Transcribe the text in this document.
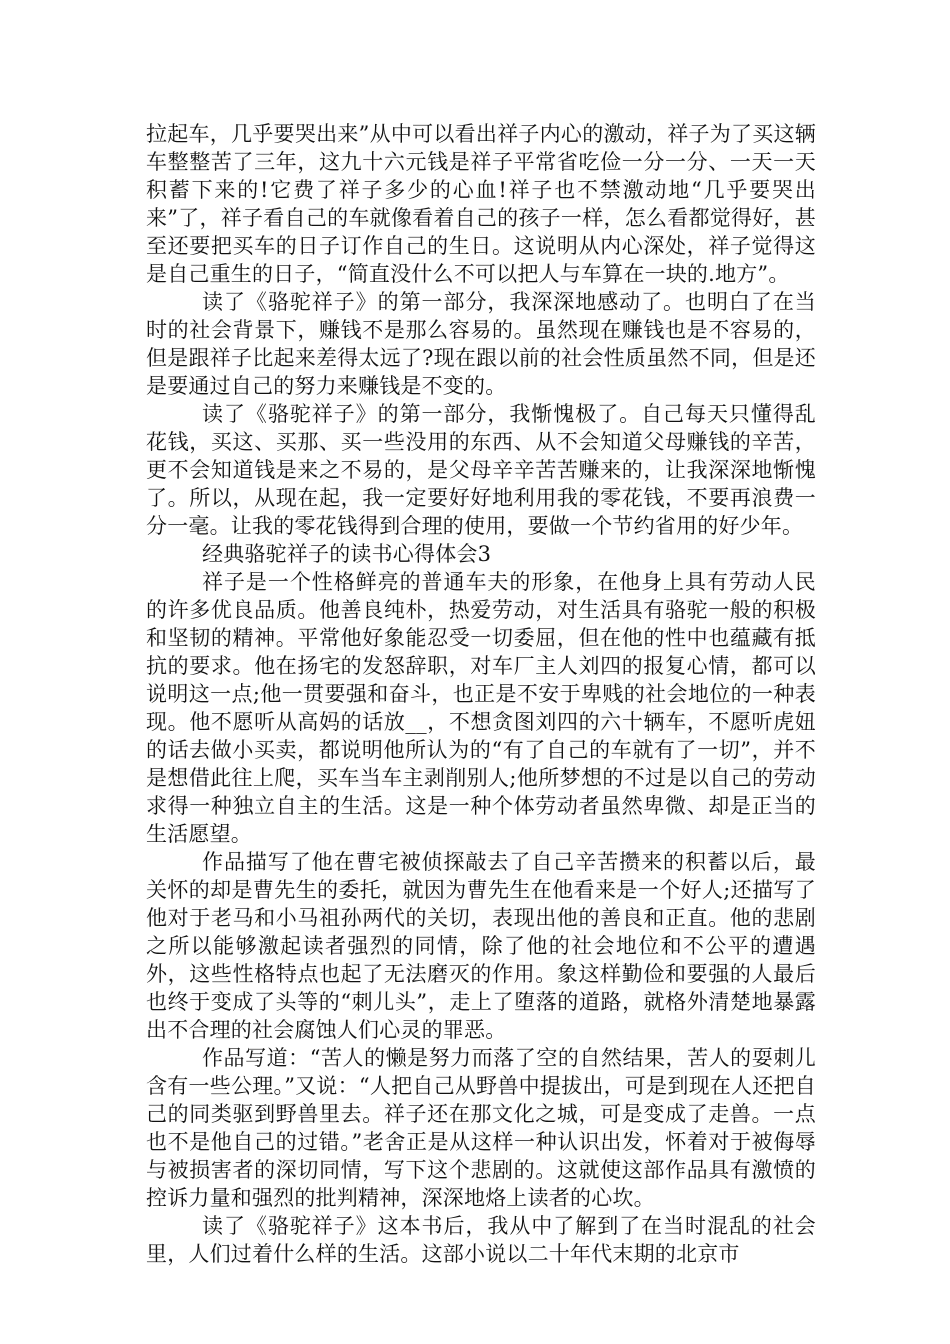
拉起车，几乎要哭出来”从中可以看出祥子内心的激动，祥子为了买这辆车整整苦了三年，这九十六元钱是祥子平常省吃俭一分一分、一天一天积蓄下来的!它费了祥子多少的心血!祥子也不禁激动地“几乎要哭出来”了，祥子看自己的车就像看着自己的孩子一样，怎么看都觉得好，甚至还要把买车的日子订作自己的生日。这说明从内心深处，祥子觉得这是自己重生的日子，“简直没什么不可以把人与车算在一块的.地方”。

读了《骆驼祥子》的第一部分，我深深地感动了。也明白了在当时的社会背景下，赚钱不是那么容易的。虽然现在赚钱也是不容易的，但是跟祥子比起来差得太远了?现在跟以前的社会性质虽然不同，但是还是要通过自己的努力来赚钱是不变的。

读了《骆驼祥子》的第一部分，我惭愧极了。自己每天只懂得乱花钱，买这、买那、买一些没用的东西、从不会知道父母赚钱的辛苦，更不会知道钱是来之不易的，是父母辛辛苦苦赚来的，让我深深地惭愧了。所以，从现在起，我一定要好好地利用我的零花钱，不要再浪费一分一毫。让我的零花钱得到合理的使用，要做一个节约省用的好少年。

经典骆驼祥子的读书心得体会3

祥子是一个性格鲜亮的普通车夫的形象，在他身上具有劳动人民的许多优良品质。他善良纯朴，热爱劳动，对生活具有骆驼一般的积极和坚韧的精神。平常他好象能忍受一切委屈，但在他的性中也蕴藏有抵抗的要求。他在扬宅的发怒辞职，对车厂主人刘四的报复心情，都可以说明这一点;他一贯要强和奋斗，也正是不安于卑贱的社会地位的一种表现。他不愿听从高妈的话放__，不想贪图刘四的六十辆车，不愿听虎妞的话去做小买卖，都说明他所认为的“有了自己的车就有了一切”，并不是想借此往上爬，买车当车主剥削别人;他所梦想的不过是以自己的劳动求得一种独立自主的生活。这是一种个体劳动者虽然卑微、却是正当的生活愿望。

作品描写了他在曹宅被侦探敲去了自己辛苦攒来的积蓄以后，最关怀的却是曹先生的委托，就因为曹先生在他看来是一个好人;还描写了他对于老马和小马祖孙两代的关切，表现出他的善良和正直。他的悲剧之所以能够激起读者强烈的同情，除了他的社会地位和不公平的遭遇外，这些性格特点也起了无法磨灭的作用。象这样勤俭和要强的人最后也终于变成了头等的“刺儿头”，走上了堕落的道路，就格外清楚地暴露出不合理的社会腐蚀人们心灵的罪恶。

作品写道：“苦人的懒是努力而落了空的自然结果，苦人的耍刺儿含有一些公理。”又说：“人把自己从野兽中提拔出，可是到现在人还把自己的同类驱到野兽里去。祥子还在那文化之城，可是变成了走兽。一点也不是他自己的过错。”老舍正是从这样一种认识出发，怀着对于被侮辱与被损害者的深切同情，写下这个悲剧的。这就使这部作品具有激愤的控诉力量和强烈的批判精神，深深地烙上读者的心坎。

读了《骆驼祥子》这本书后，我从中了解到了在当时混乱的社会里，人们过着什么样的生活。这部小说以二十年代末期的北京市
